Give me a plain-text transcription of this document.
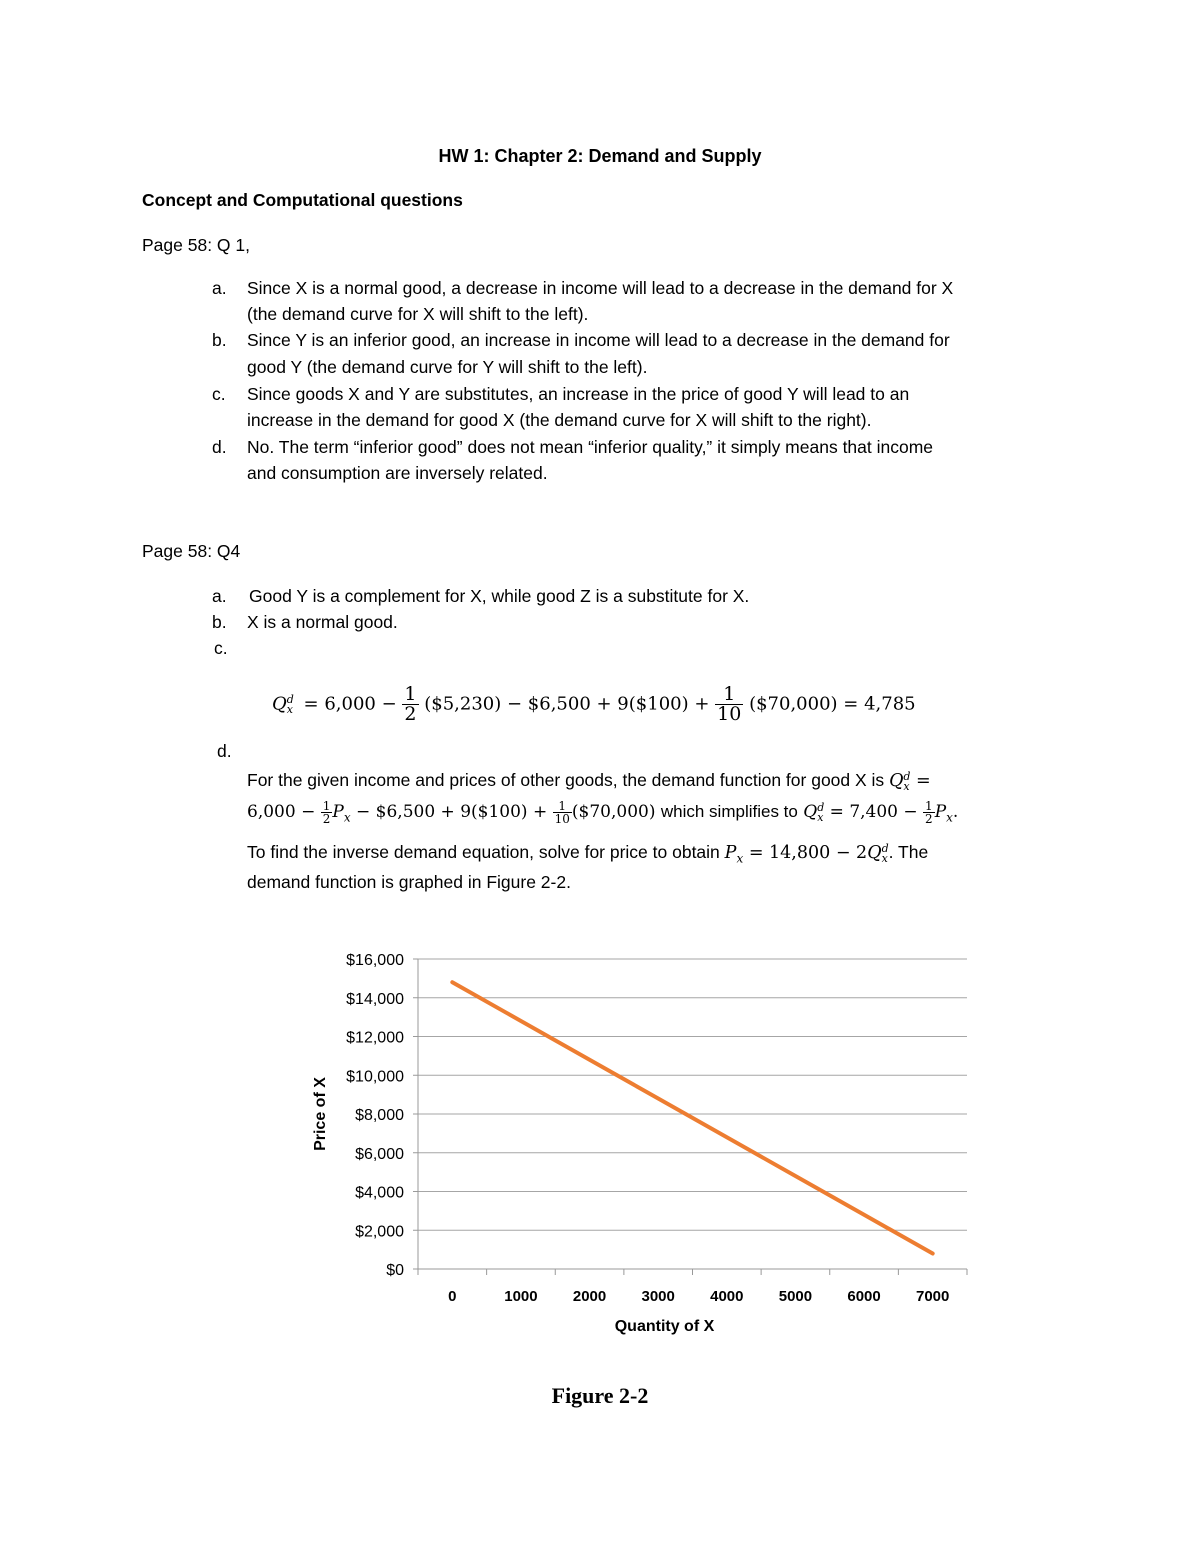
HW 1: Chapter 2: Demand and Supply
Concept and Computational questions
Page 58: Q 1,
a. Since X is a normal good, a decrease in income will lead to a decrease in the demand for X
(the demand curve for X will shift to the left).
b. Since Y is an inferior good, an increase in income will lead to a decrease in the demand for
good Y (the demand curve for Y will shift to the left).
c. Since goods X and Y are substitutes, an increase in the price of good Y will lead to an
increase in the demand for good X (the demand curve for X will shift to the right).
d. No. The term “inferior good” does not mean “inferior quality,” it simply means that income
and consumption are inversely related.
Page 58: Q4
a. Good Y is a complement for X, while good Z is a substitute for X.
b. X is a normal good.
c.
Q d
$x = 6,000 - \frac{1}{2}$ ($5,230) − $6,500 + 9($100) + $\frac{1}{10}$ ($70,000) = 4,785
d.
For the given income and prices of other goods, the demand function for good X is Q d
x =
$6,000 - \frac{1}{2} P_x$ − $6,500 + 9($100) + $\frac{1}{10}$ ($70,000) which simplifies to Q d
$x = 7,400 - \frac{1}{2} P_x$.
To find the inverse demand equation, solve for price to obtain $P_x = 14,800 - 2Q$ d
x . The
demand function is graphed in Figure 2-2.
$0
$2,000
$4,000
$6,000
$8,000
$10,000
$12,000
$14,000
$16,000
0	1000 2000 3000 4000 5000 6000 7000
Quantity of X
Price of X
Figure 2-2
